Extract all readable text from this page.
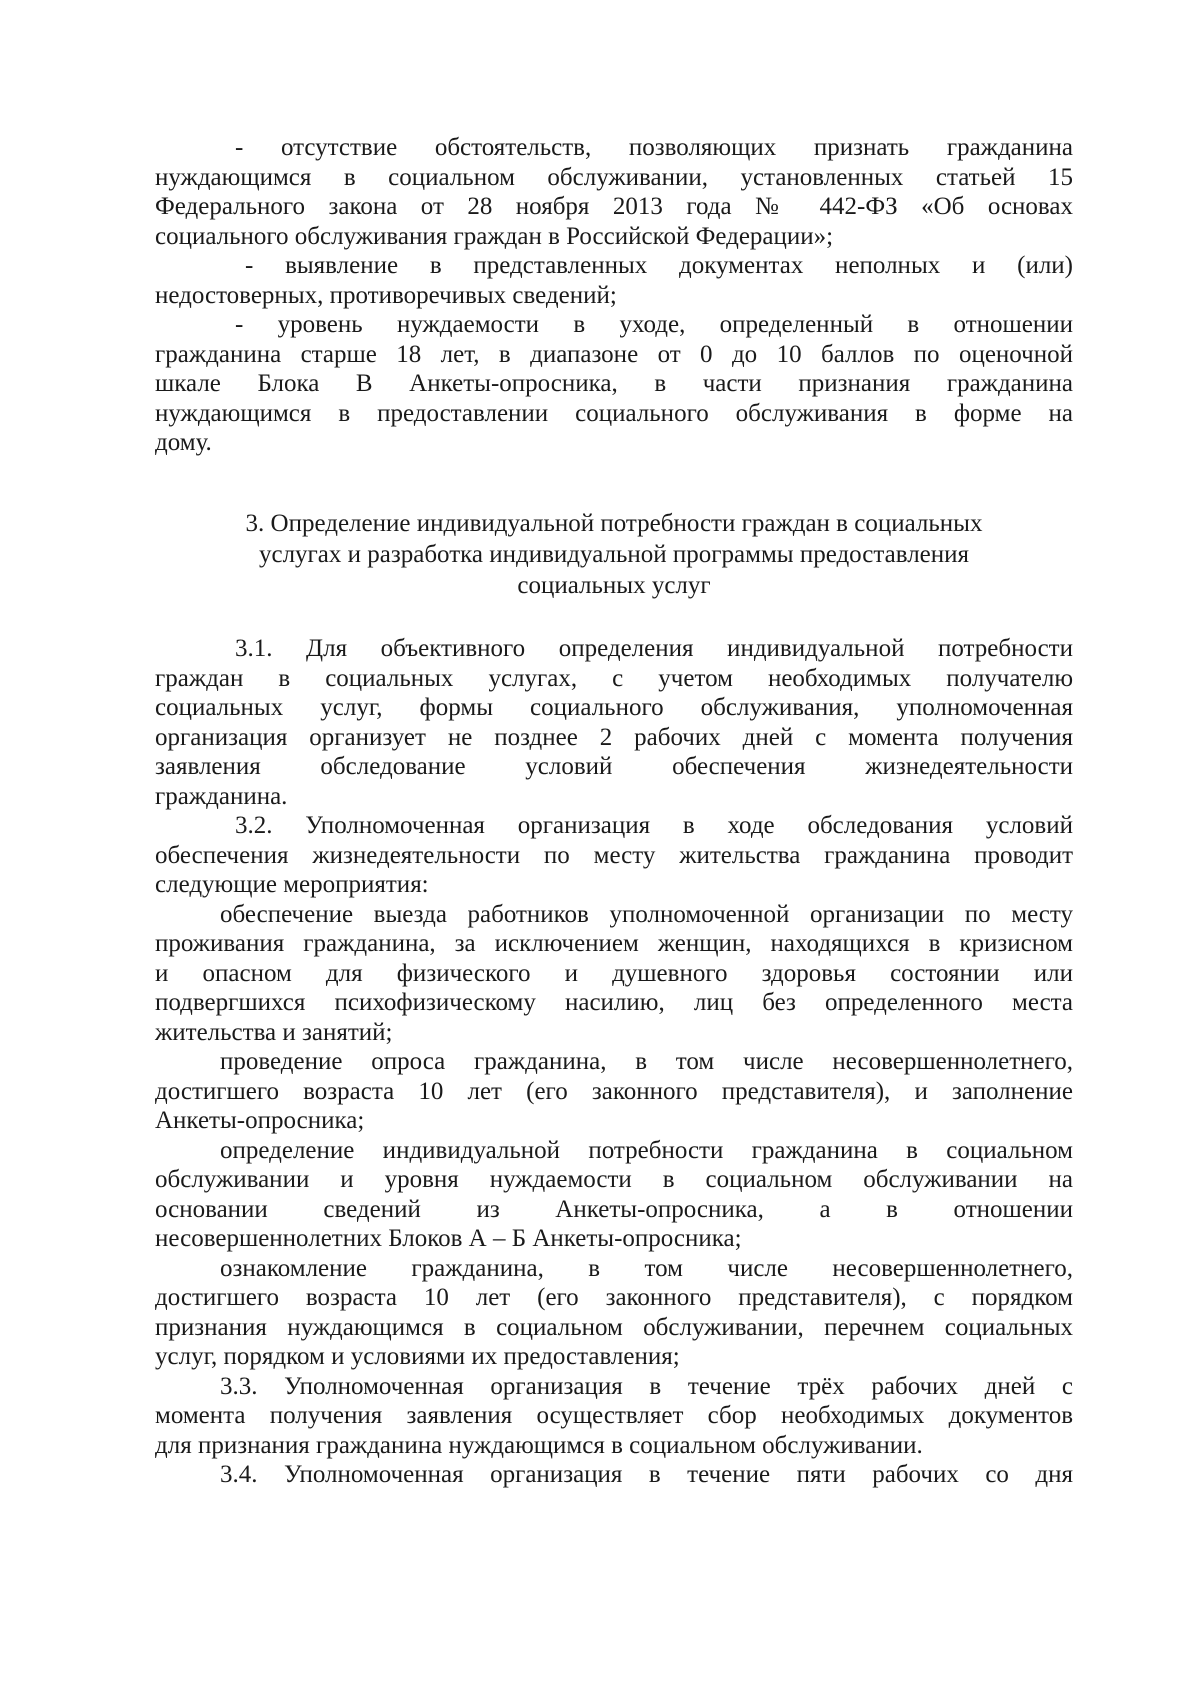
- отсутствие обстоятельств, позволяющих признать гражданина
нуждающимся в социальном обслуживании, установленных статьей 15
Федерального закона от 28 ноября 2013 года № 442-ФЗ «Об основах
социального обслуживания граждан в Российской Федерации»;
- выявление в представленных документах неполных и (или)
недостоверных, противоречивых сведений;
- уровень нуждаемости в уходе, определенный в отношении
гражданина старше 18 лет, в диапазоне от 0 до 10 баллов по оценочной
шкале Блока В Анкеты-опросника, в части признания гражданина
нуждающимся в предоставлении социального обслуживания в форме на
дому.
3. Определение индивидуальной потребности граждан в социальных
услугах и разработка индивидуальной программы предоставления
социальных услуг
3.1. Для объективного определения индивидуальной потребности
граждан в социальных услугах, с учетом необходимых получателю
социальных услуг, формы социального обслуживания, уполномоченная
организация организует не позднее 2 рабочих дней с момента получения
заявления обследование условий обеспечения жизнедеятельности
гражданина.
3.2. Уполномоченная организация в ходе обследования условий
обеспечения жизнедеятельности по месту жительства гражданина проводит
следующие мероприятия:
обеспечение выезда работников уполномоченной организации по месту
проживания гражданина, за исключением женщин, находящихся в кризисном
и опасном для физического и душевного здоровья состоянии или
подвергшихся психофизическому насилию, лиц без определенного места
жительства и занятий;
проведение опроса гражданина, в том числе несовершеннолетнего,
достигшего возраста 10 лет (его законного представителя), и заполнение
Анкеты-опросника;
определение индивидуальной потребности гражданина в социальном
обслуживании и уровня нуждаемости в социальном обслуживании на
основании сведений из Анкеты-опросника, а в отношении
несовершеннолетних Блоков А – Б Анкеты-опросника;
ознакомление гражданина, в том числе несовершеннолетнего,
достигшего возраста 10 лет (его законного представителя), с порядком
признания нуждающимся в социальном обслуживании, перечнем социальных
услуг, порядком и условиями их предоставления;
3.3. Уполномоченная организация в течение трёх рабочих дней с
момента получения заявления осуществляет сбор необходимых документов
для признания гражданина нуждающимся в социальном обслуживании.
3.4. Уполномоченная организация в течение пяти рабочих со дня
